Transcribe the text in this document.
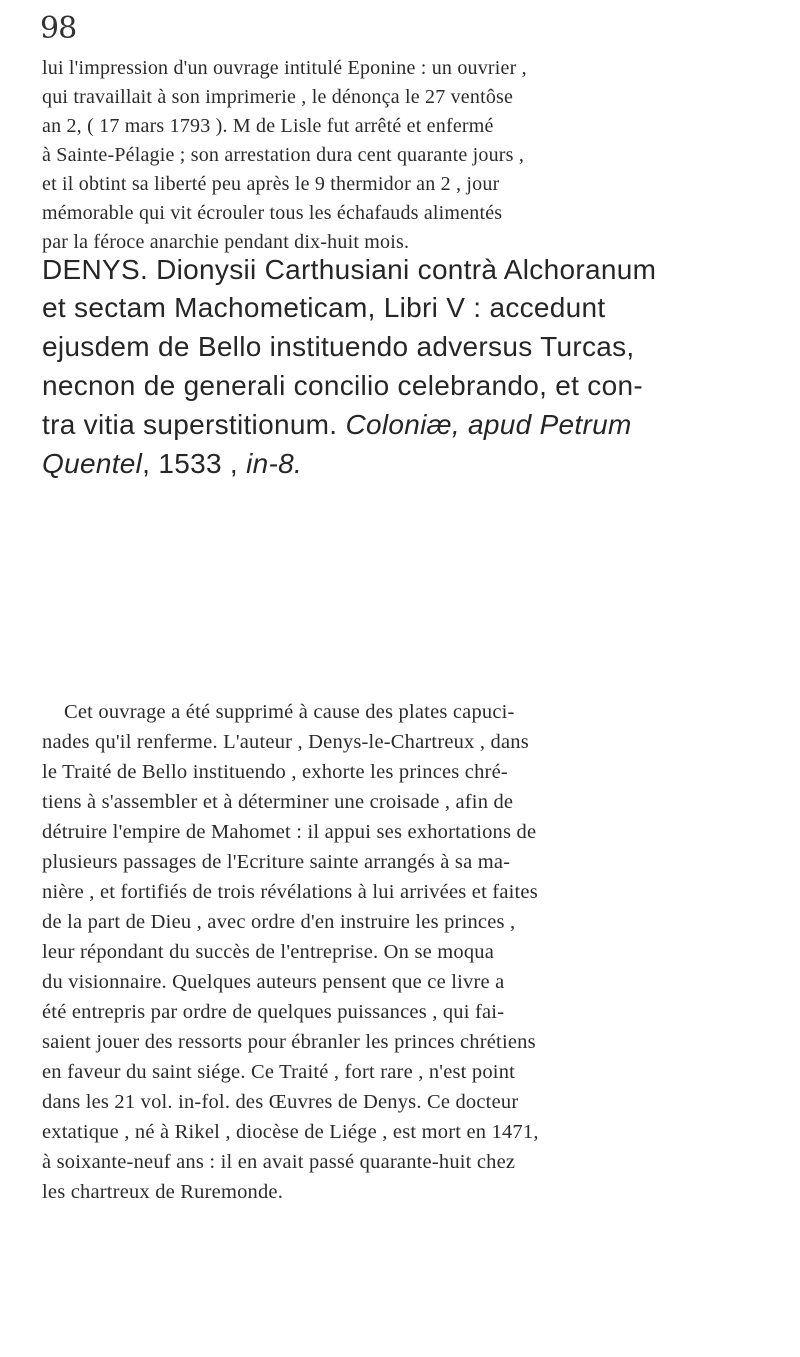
98
lui l'impression d'un ouvrage intitulé Eponine : un ouvrier ,
qui travaillait à son imprimerie , le dénonça le 27 ventôse
an 2, ( 17 mars 1793 ). M de Lisle fut arrêté et enfermé
à Sainte-Pélagie ; son arrestation dura cent quarante jours ,
et il obtint sa liberté peu après le 9 thermidor an 2 , jour
mémorable qui vit écrouler tous les échafauds alimentés
par la féroce anarchie pendant dix-huit mois.
DENYS. Dionysii Carthusiani contrà Alchoranum
et sectam Machometicam, Libri V : accedunt
ejusdem de Bello instituendo adversus Turcas,
necnon de generali concilio celebrando, et con-
tra vitia superstitionum. Coloniæ, apud Petrum
Quentel, 1533 , in-8.
Cet ouvrage a été supprimé à cause des plates capuci-
nades qu'il renferme. L'auteur , Denys-le-Chartreux , dans
le Traité de Bello instituendo , exhorte les princes chré-
tiens à s'assembler et à déterminer une croisade , afin de
détruire l'empire de Mahomet : il appui ses exhortations de
plusieurs passages de l'Ecriture sainte arrangés à sa ma-
nière , et fortifiés de trois révélations à lui arrivées et faites
de la part de Dieu , avec ordre d'en instruire les princes ,
leur répondant du succès de l'entreprise. On se moqua
du visionnaire. Quelques auteurs pensent que ce livre a
été entrepris par ordre de quelques puissances , qui fai-
saient jouer des ressorts pour ébranler les princes chrétiens
en faveur du saint siége. Ce Traité , fort rare , n'est point
dans les 21 vol. in-fol. des Œuvres de Denys. Ce docteur
extatique , né à Rikel , diocèse de Liége , est mort en 1471,
à soixante-neuf ans : il en avait passé quarante-huit chez
les chartreux de Ruremonde.
